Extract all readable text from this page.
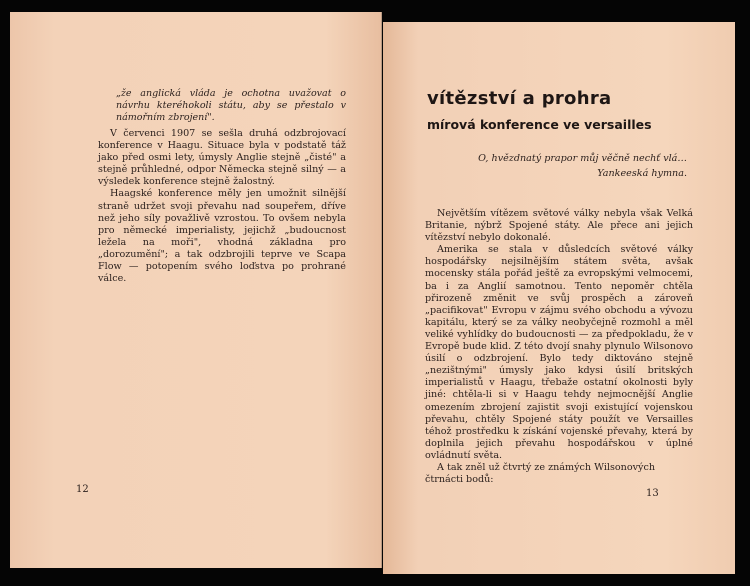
„že anglická vláda je ochotna uvažovat o návrhu kteréhokoli státu, aby se přestalo v námořním zbrojení".

V červenci 1907 se sešla druhá odzbrojovací konference v Haagu. Situace byla v podstatě táž jako před osmi lety, úmysly Anglie stejně „čisté" a stejně průhledné, odpor Německa stejně silný — a výsledek konference stejně žalostný.

Haagské konference měly jen umožnit silnější straně udržet svoji převahu nad soupeřem, dříve než jeho síly považlivě vzrostou. To ovšem nebyla pro německé imperialisty, jejichž „budoucnost ležela na moři", vhodná základna pro „dorozumění"; a tak odzbrojili teprve ve Scapa Flow — potopením svého loďstva po prohrané válce.

12
vítězství a prohra
mírová konference ve versailles
O, hvězdnatý prapor můj věčně nechť vlá…
Yankeeská hymna.

Největším vítězem světové války nebyla však Velká Britanie, nýbrž Spojené státy. Ale přece ani jejich vítězství nebylo dokonalé.

Amerika se stala v důsledcích světové války hospodářsky nejsilnějším státem světa, avšak mocensky stála pořád ještě za evropskými velmocemi, ba i za Anglií samotnou. Tento nepoměr chtěla přirozeně změnit ve svůj prospěch a zároveň „pacifikovat" Evropu v zájmu svého obchodu a vývozu kapitálu, který se za války neobyčejně rozmohl a měl veliké vyhlídky do budoucnosti — za předpokladu, že v Evropě bude klid. Z této dvojí snahy plynulo Wilsonovo úsilí o odzbrojení. Bylo tedy diktováno stejně „nezištnými" úmysly jako kdysi úsilí britských imperialistů v Haagu, třebaže ostatní okolnosti byly jiné: chtěla-li si v Haagu tehdy nejmocnější Anglie omezením zbrojení zajistit svoji existující vojenskou převahu, chtěly Spojené státy použít ve Versailles téhož prostředku k získání vojenské převahy, která by doplnila jejich převahu hospodářskou v úplné ovládnutí světa.

A tak zněl už čtvrtý ze známých Wilsonových čtrnácti bodů:

13
